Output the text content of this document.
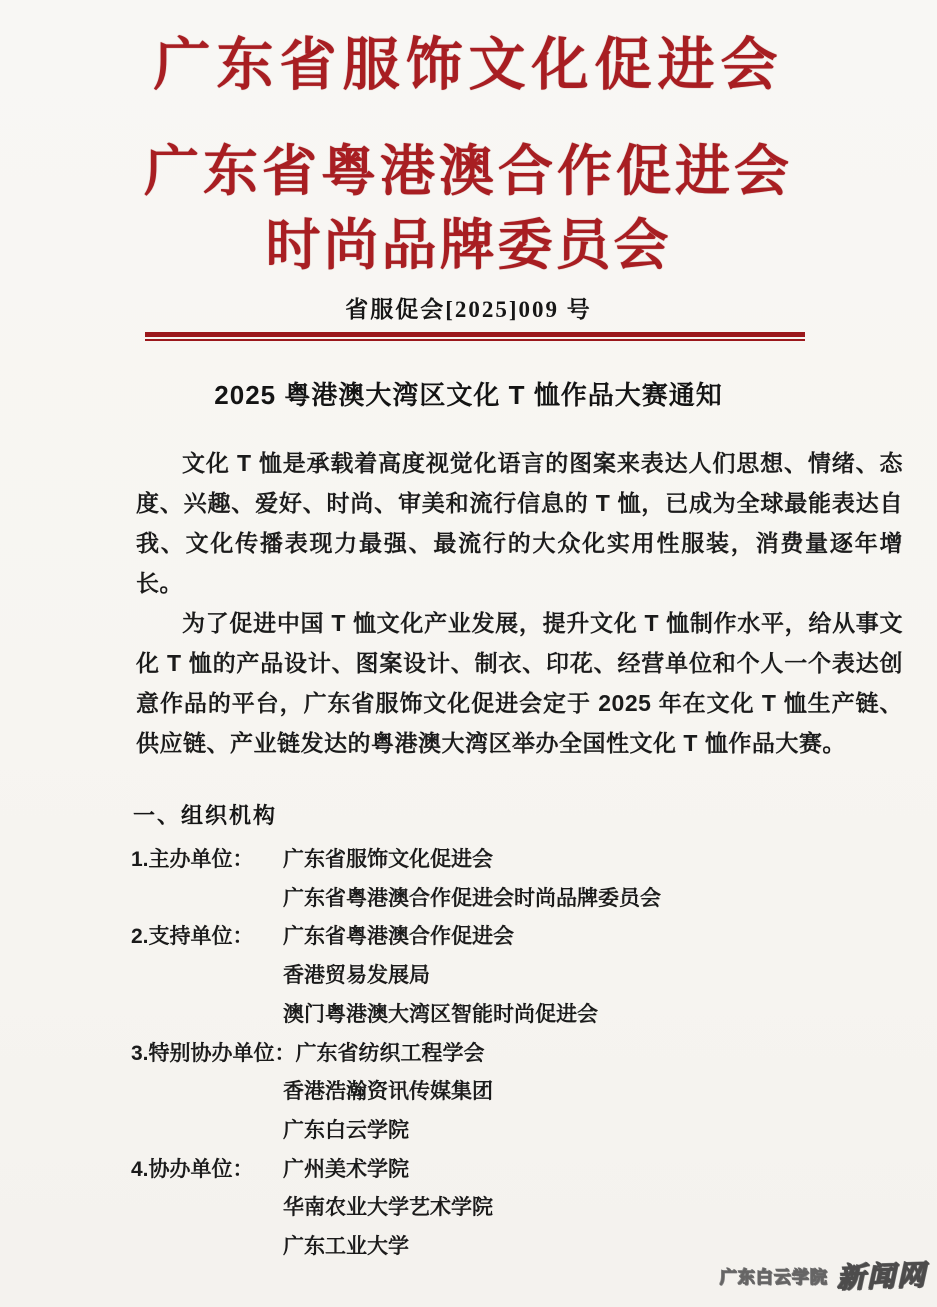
广东省服饰文化促进会
广东省粤港澳合作促进会
时尚品牌委员会
省服促会[2025]009 号
2025 粤港澳大湾区文化 T 恤作品大赛通知

文化 T 恤是承载着高度视觉化语言的图案来表达人们思想、情绪、态度、兴趣、爱好、时尚、审美和流行信息的 T 恤，已成为全球最能表达自我、文化传播表现力最强、最流行的大众化实用性服装，消费量逐年增长。

为了促进中国 T 恤文化产业发展，提升文化 T 恤制作水平，给从事文化 T 恤的产品设计、图案设计、制衣、印花、经营单位和个人一个表达创意作品的平台，广东省服饰文化促进会定于 2025 年在文化 T 恤生产链、供应链、产业链发达的粤港澳大湾区举办全国性文化 T 恤作品大赛。

一、组织机构
1.主办单位：	广东省服饰文化促进会
广东省粤港澳合作促进会时尚品牌委员会
2.支持单位：	广东省粤港澳合作促进会
香港贸易发展局
澳门粤港澳大湾区智能时尚促进会
3.特别协办单位： 广东省纺织工程学会
香港浩瀚资讯传媒集团
广东白云学院
4.协办单位：	广州美术学院
华南农业大学艺术学院
广东工业大学
广东白云学院 新闻网
